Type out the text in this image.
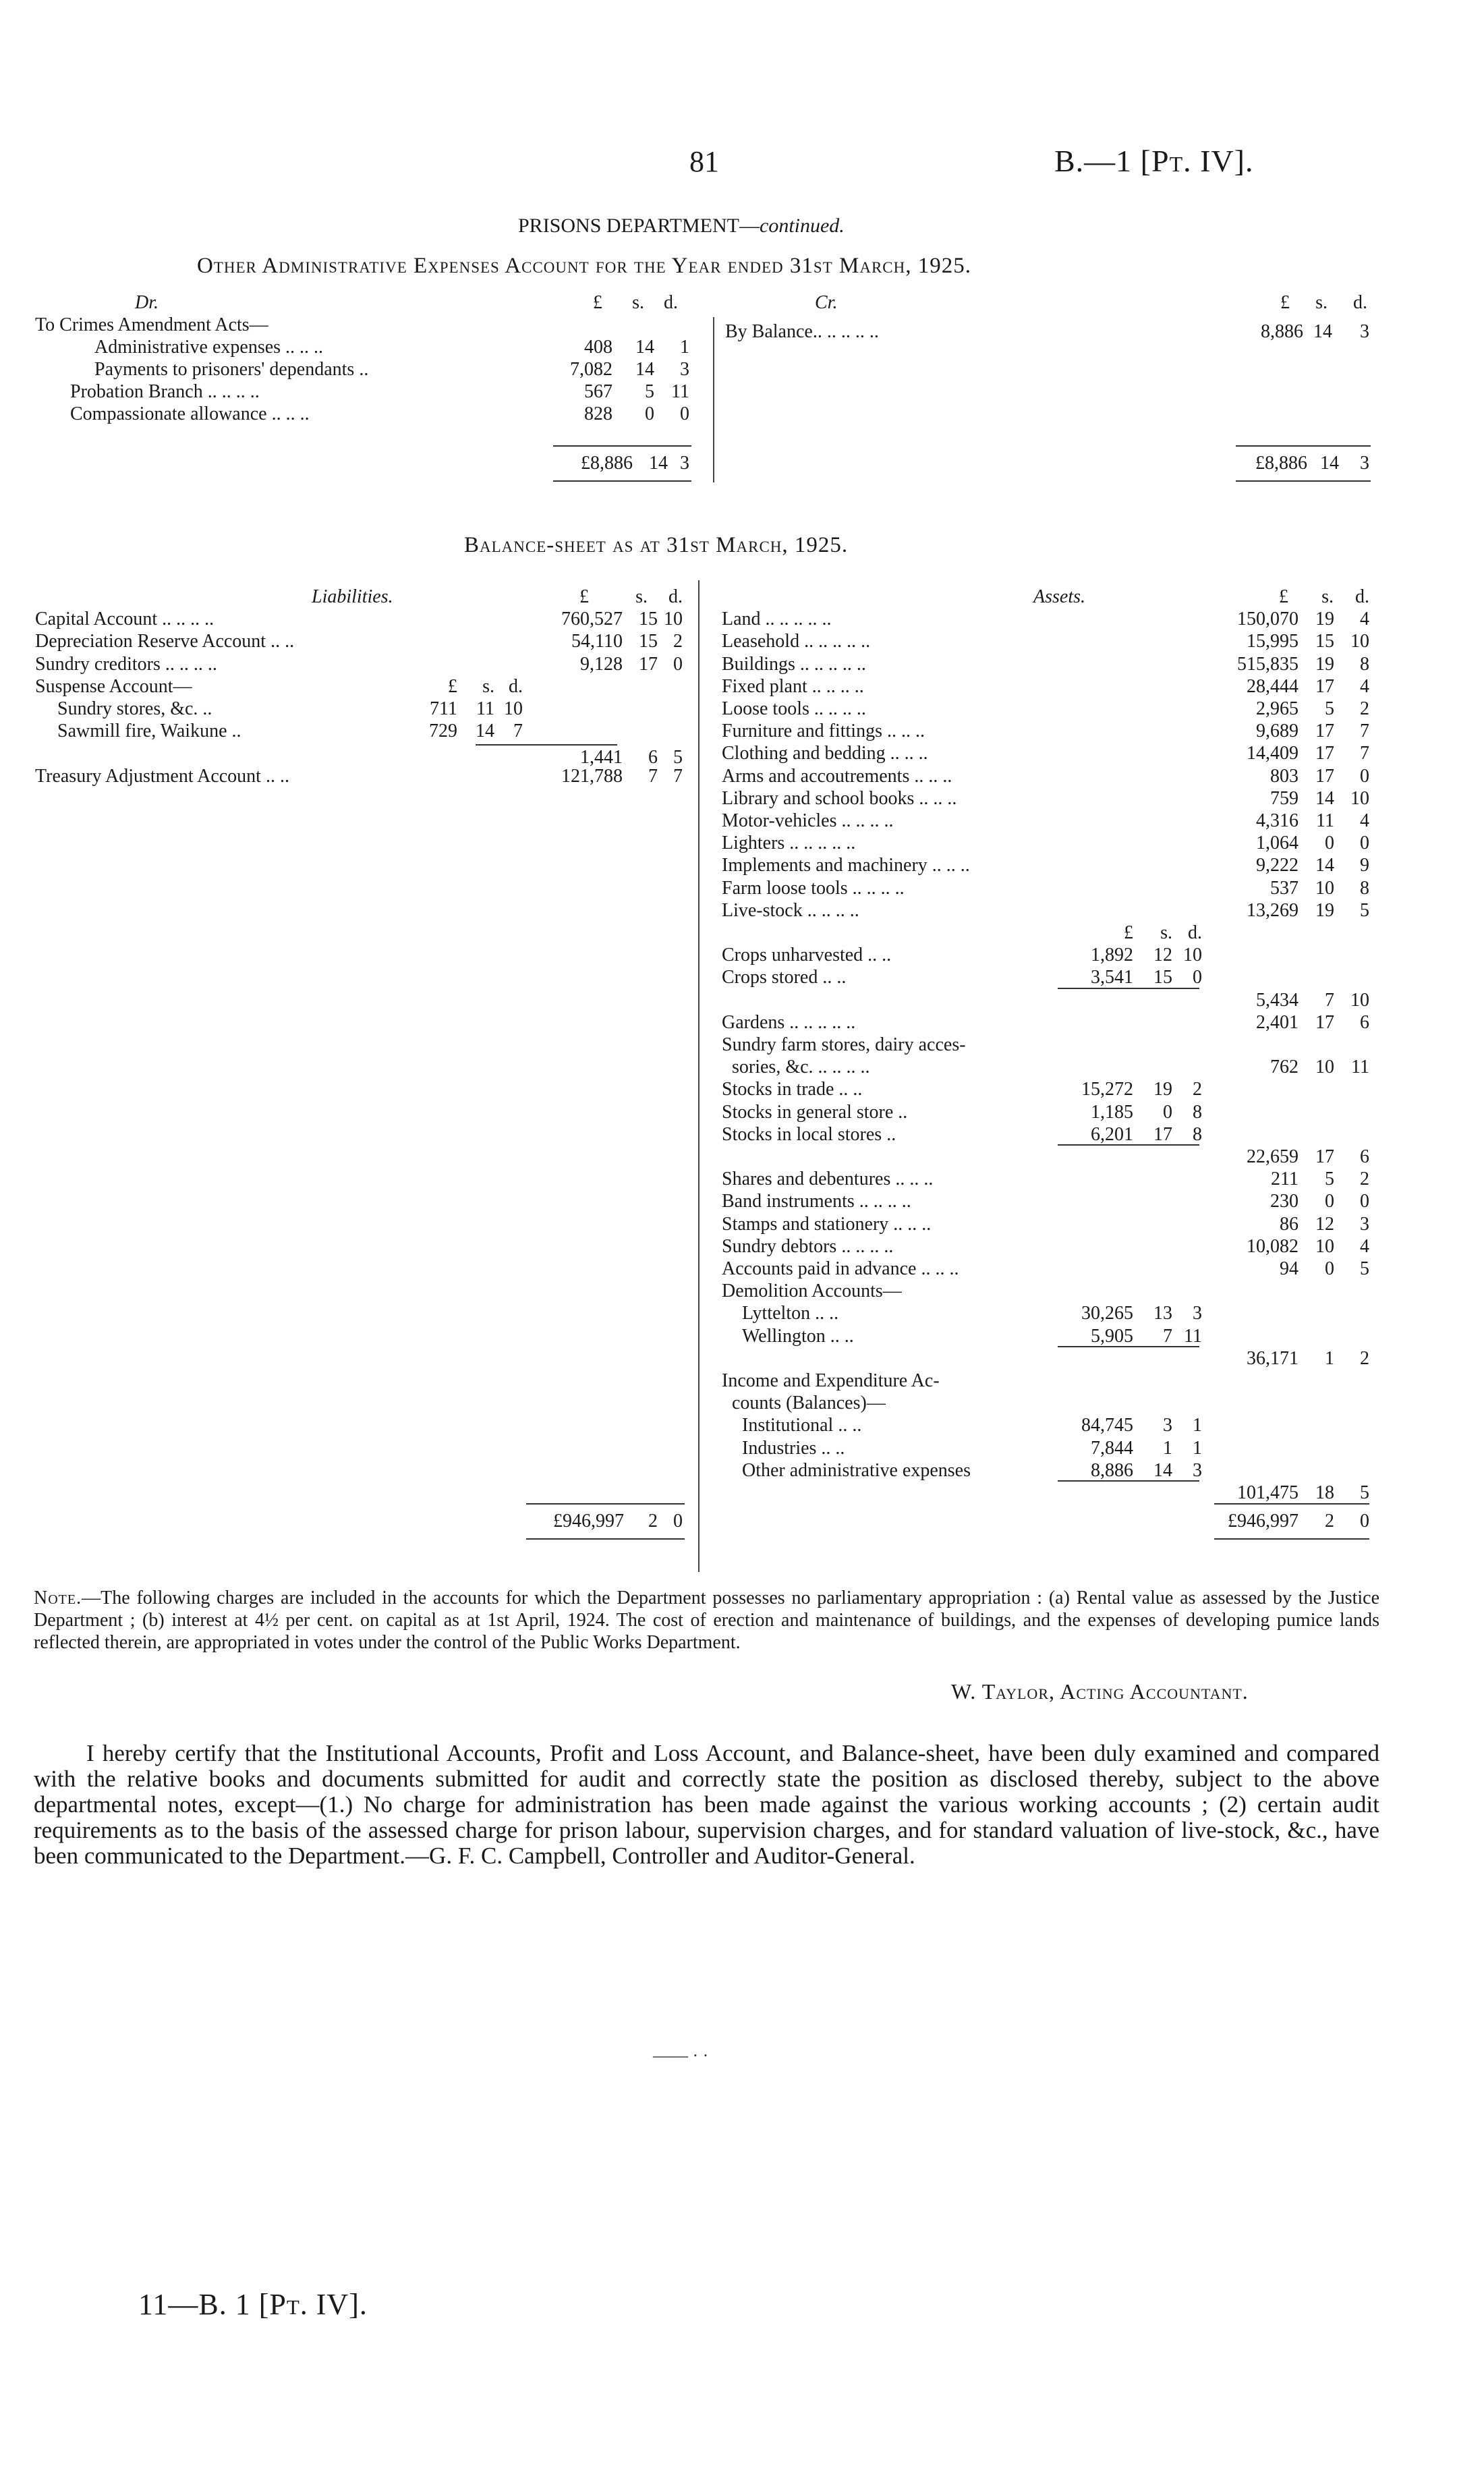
81	B.—1 [Pt. IV].
PRISONS DEPARTMENT—continued.
Other Administrative Expenses Account for the Year ended 31st March, 1925.
Dr.	Cr.
£	s.	d.	£	s.	d.
To Crimes Amendment Acts—
Administrative expenses .. .. ..	408	14	1
Payments to prisoners' dependants ..	7,082	14	3
Probation Branch .. .. .. ..	567	5 11
Compassionate allowance .. .. ..	828	0	0
By Balance.. .. .. .. ..	8,886 14	3
£8,886 14 3	£8,886 14	3
Balance-sheet as at 31st March, 1925.
Liabilities.	Assets.
£	s.	d.	£	s.	d.
Capital Account .. .. .. ..	760,527 15 10
Depreciation Reserve Account .. ..	54,110 15 2
Sundry creditors .. .. .. ..	9,128 17 0
Suspense Account—	£	s. d.
Sundry stores, &c. ..	711	11 10
Sawmill fire, Waikune ..	729 14	7
1,441	6 5
Treasury Adjustment Account .. ..	121,788	7 7
£946,997	2 0
Land .. .. .. .. ..	150,070 19	4
Leasehold .. .. .. .. ..	15,995 15 10
Buildings .. .. .. .. ..	515,835 19	8
Fixed plant .. .. .. ..	28,444 17	4
Loose tools .. .. .. ..	2,965	5	2
Furniture and fittings .. .. ..	9,689 17	7
Clothing and bedding .. .. ..	14,409 17	7
Arms and accoutrements .. .. ..	803 17	0
Library and school books .. .. ..	759 14 10
Motor-vehicles .. .. .. ..	4,316 11	4
Lighters .. .. .. .. ..	1,064	0	0
Implements and machinery .. .. ..	9,222 14	9
Farm loose tools .. .. .. ..	537 10	8
Live-stock .. .. .. ..	13,269 19	5
£	s. d.
Crops unharvested .. ..	1,892	12 10
Crops stored .. ..	3,541	15	0
5,434	7 10
Gardens .. .. .. .. ..	2,401 17	6
Sundry farm stores, dairy acces-
sories, &c. .. .. .. ..	762 10 11
Stocks in trade .. ..	15,272	19	2
Stocks in general store ..	1,185	0	8
Stocks in local stores ..	6,201	17	8
22,659 17	6
Shares and debentures .. .. ..	211	5	2
Band instruments .. .. .. ..	230	0	0
Stamps and stationery .. .. ..	86 12	3
Sundry debtors .. .. .. ..	10,082 10	4
Accounts paid in advance .. .. ..	94	0	5
Demolition Accounts—
Lyttelton .. ..	30,265	13	3
Wellington .. ..	5,905	7 11
36,171	1	2
Income and Expenditure Ac-
counts (Balances)—
Institutional .. ..	84,745	3	1
Industries .. ..	7,844	1	1
Other administrative expenses	8,886	14	3
101,475 18	5
£946,997	2	0
Note.—The following charges are included in the accounts for which the Department possesses no parliamentary appropriation : (a) Rental value as assessed by the Justice Department ; (b) interest at 4½ per cent. on capital as at 1st April, 1924. The cost of erection and maintenance of buildings, and the expenses of developing pumice lands reflected therein, are appropriated in votes under the control of the Public Works Department.
W. Taylor, Acting Accountant.
I hereby certify that the Institutional Accounts, Profit and Loss Account, and Balance-sheet, have been duly examined and compared with the relative books and documents submitted for audit and correctly state the position as disclosed thereby, subject to the above departmental notes, except—(1.) No charge for administration has been made against the various working accounts ; (2) certain audit requirements as to the basis of the assessed charge for prison labour, supervision charges, and for standard valuation of live-stock, &c., have been communicated to the Department.—G. F. C. Campbell, Controller and Auditor-General.
—— · ·
11—B. 1 [Pt. IV].
